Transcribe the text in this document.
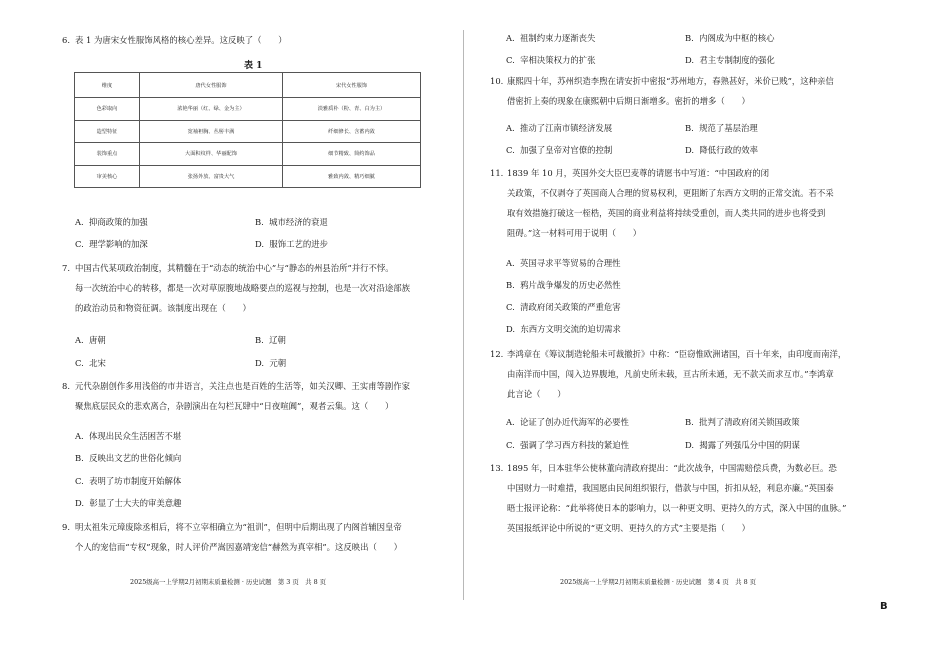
6. 表 1 为唐宋女性服饰风格的核心差异。这反映了（　　）
表 1
维度	唐代女性服饰	宋代女性服饰
色彩取向	浓艳华丽（红、绿、金为主）	淡雅质朴（粉、青、白为主）
造型特征	宽袖袒胸、丛髻丰满	纤细修长、含蓄内敛
装饰重点	大面积纹样、华丽配饰	细节精致、简约饰品
审美核心	张扬外放、富贵大气	雅致内敛、精巧细腻
A. 抑商政策的加强	B. 城市经济的衰退
C. 理学影响的加深	D. 服饰工艺的进步
7. 中国古代某项政治制度，其精髓在于“动态的统治中心”与“静态的州县治所”并行不悖。
每一次统治中心的转移，都是一次对草原腹地战略要点的巡视与控制，也是一次对沿途部族
的政治动员和物资征调。该制度出现在（　　）
A. 唐朝	B. 辽朝
C. 北宋	D. 元朝
8. 元代杂剧创作多用浅俗的市井语言，关注点也是百姓的生活等，如关汉卿、王实甫等剧作家
聚焦底层民众的悲欢离合，杂剧演出在勾栏瓦肆中“日夜喧阗”，观者云集。这（　　）
A. 体现出民众生活困苦不堪
B. 反映出文艺的世俗化倾向
C. 表明了坊市制度开始解体
D. 彰显了士大夫的审美意趣
9. 明太祖朱元璋废除丞相后，将不立宰相确立为“祖训”，但明中后期出现了内阁首辅因皇帝
个人的宠信而“专权”现象，时人评价严嵩因嘉靖宠信“赫然为真宰相”。这反映出（　　）
2025级高一上学期2月初期末质量检测 · 历史试题　第 3 页　共 8 页
A. 祖制约束力逐渐丧失	B. 内阁成为中枢的核心
C. 宰相决策权力的扩张	D. 君主专制制度的强化
10. 康熙四十年，苏州织造李煦在请安折中密报“苏州地方，春熟甚好，米价已贱”，这种亲信
借密折上奏的现象在康熙朝中后期日渐增多。密折的增多（　　）
A. 推动了江南市镇经济发展	B. 规范了基层治理
C. 加强了皇帝对官僚的控制	D. 降低行政的效率
11. 1839 年 10 月，英国外交大臣巴麦尊的请愿书中写道：“中国政府的闭
关政策，不仅剥夺了英国商人合理的贸易权利，更阻断了东西方文明的正常交流。若不采
取有效措施打破这一桎梏，英国的商业利益将持续受重创，而人类共同的进步也将受到
阻碍。”这一材料可用于说明（　　）
A. 英国寻求平等贸易的合理性
B. 鸦片战争爆发的历史必然性
C. 清政府闭关政策的严重危害
D. 东西方文明交流的迫切需求
12. 李鸿章在《筹议制造轮船未可裁撤折》中称：“臣窃惟欧洲诸国，百十年来，由印度而南洋，
由南洋而中国，闯入边界腹地，凡前史所未载，亘古所未通，无不款关而求互市。”李鸿章
此言论（　　）
A. 论证了创办近代海军的必要性	B. 批判了清政府闭关锁国政策
C. 强调了学习西方科技的紧迫性	D. 揭露了列强瓜分中国的阴谋
13. 1895 年，日本驻华公使林董向清政府提出：“此次战争，中国需赔偿兵费，为数必巨。恐
中国财力一时难措，我国愿由民间组织银行，借款与中国，折扣从轻，利息亦廉。”英国泰
晤士报评论称：“此举将使日本的影响力，以一种更文明、更持久的方式，深入中国的血脉。”
英国报纸评论中所说的“更文明、更持久的方式”主要是指（　　）
2025级高一上学期2月初期末质量检测 · 历史试题　第 4 页　共 8 页
B
